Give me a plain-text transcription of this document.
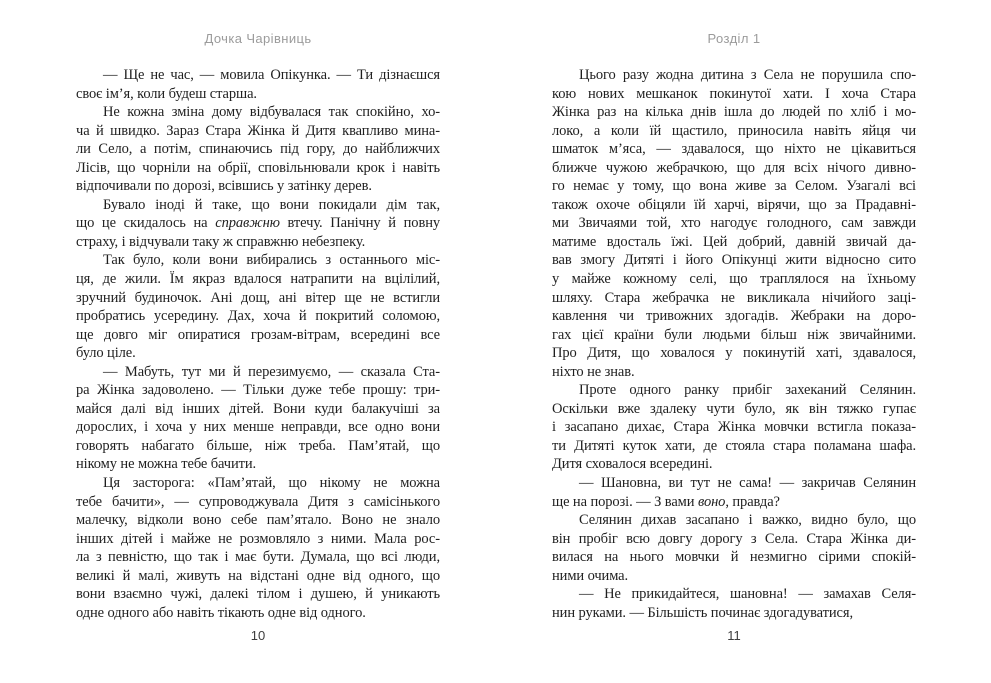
Дочка Чарівниць

— Ще не час, — мовила Опікунка. — Ти дізнаєшся
своє ім’я, коли будеш старша.

Не кожна зміна дому відбувалася так спокійно, хо-
ча й швидко. Зараз Стара Жінка й Дитя квапливо мина-
ли Село, а потім, спинаючись під гору, до найближчих
Лісів, що чорніли на обрії, сповільнювали крок і навіть
відпочивали по дорозі, всівшись у затінку дерев.

Бувало іноді й таке, що вони покидали дім так,
що це скидалось на справжню втечу. Панічну й повну
страху, і відчували таку ж справжню небезпеку.

Так було, коли вони вибирались з останнього міс-
ця, де жили. Їм якраз вдалося натрапити на вцілілий,
зручний будиночок. Ані дощ, ані вітер ще не встигли
пробратись усередину. Дах, хоча й покритий соломою,
ще довго міг опиратися грозам-вітрам, всередині все
було ціле.

— Мабуть, тут ми й перезимуємо, — сказала Ста-
ра Жінка задоволено. — Тільки дуже тебе прошу: три-
майся далі від інших дітей. Вони куди балакучіші за
дорослих, і хоча у них менше неправди, все одно вони
говорять набагато більше, ніж треба. Пам’ятай, що
нікому не можна тебе бачити.

Ця засторога: «Пам’ятай, що нікому не можна
тебе бачити», — супроводжувала Дитя з самісінького
малечку, відколи воно себе пам’ятало. Воно не знало
інших дітей і майже не розмовляло з ними. Мала рос-
ла з певністю, що так і має бути. Думала, що всі люди,
великі й малі, живуть на відстані одне від одного, що
вони взаємно чужі, далекі тілом і душею, й уникають
одне одного або навіть тікають одне від одного.

10
Розділ 1

Цього разу жодна дитина з Села не порушила спо-
кою нових мешканок покинутої хати. І хоча Стара
Жінка раз на кілька днів ішла до людей по хліб і мо-
локо, а коли їй щастило, приносила навіть яйця чи
шматок м’яса, — здавалося, що ніхто не цікавиться
ближче чужою жебрачкою, що для всіх нічого дивно-
го немає у тому, що вона живе за Селом. Узагалі всі
також охоче обіцяли їй харчі, вірячи, що за Прадавні-
ми Звичаями той, хто нагодує голодного, сам завжди
матиме вдосталь їжі. Цей добрий, давній звичай да-
вав змогу Дитяті і його Опікунці жити відносно сито
у майже кожному селі, що траплялося на їхньому
шляху. Стара жебрачка не викликала нічийого заці-
кавлення чи тривожних здогадів. Жебраки на доро-
гах цієї країни були людьми більш ніж звичайними.
Про Дитя, що ховалося у покинутій хаті, здавалося,
ніхто не знав.

Проте одного ранку прибіг захеканий Селянин.
Оскільки вже здалеку чути було, як він тяжко гупає
і засапано дихає, Стара Жінка мовчки встигла показа-
ти Дитяті куток хати, де стояла стара поламана шафа.
Дитя сховалося всередині.

— Шановна, ви тут не сама! — закричав Селянин
ще на порозі. — З вами воно, правда?

Селянин дихав засапано і важко, видно було, що
він пробіг всю довгу дорогу з Села. Стара Жінка ди-
вилася на нього мовчки й незмигно сірими спокій-
ними очима.

— Не прикидайтеся, шановна! — замахав Селя-
нин руками. — Більшість починає здогадуватися,

11
